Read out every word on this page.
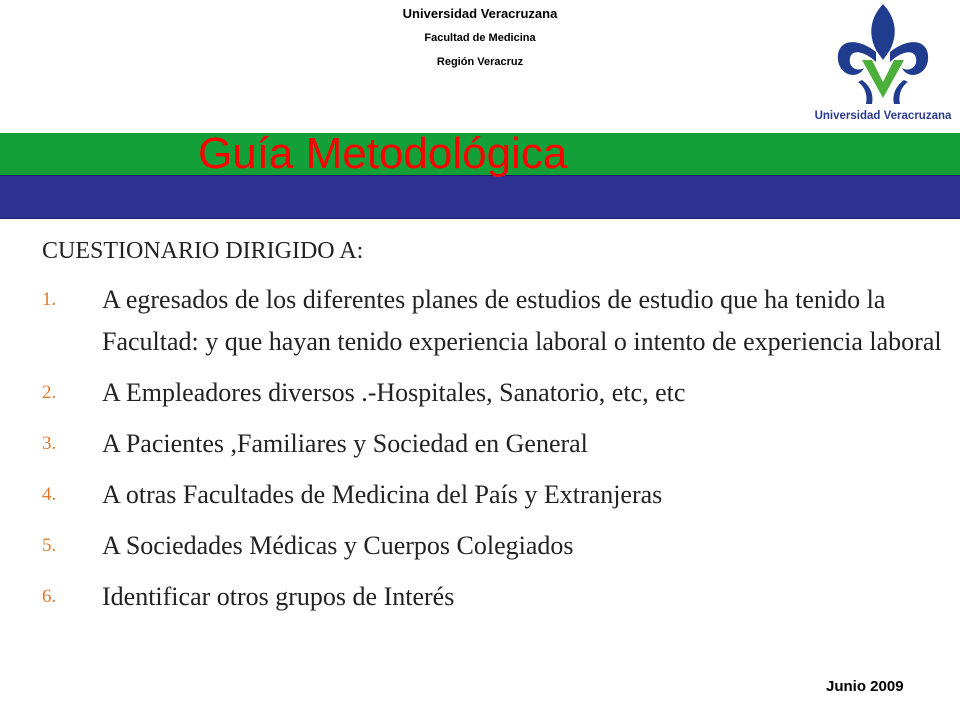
Universidad Veracruzana
Facultad de Medicina
Región Veracruz
Universidad Veracruzana
Guía Metodológica
CUESTIONARIO DIRIGIDO A:
1. A egresados de los diferentes planes de estudios de estudio que ha tenido la Facultad: y que hayan tenido experiencia laboral o intento de experiencia laboral
2. A Empleadores diversos .-Hospitales, Sanatorio, etc, etc
3. A Pacientes ,Familiares y Sociedad en General
4. A otras Facultades de Medicina del País y Extranjeras
5. A Sociedades Médicas y Cuerpos Colegiados
6. Identificar otros grupos de Interés
Junio 2009
